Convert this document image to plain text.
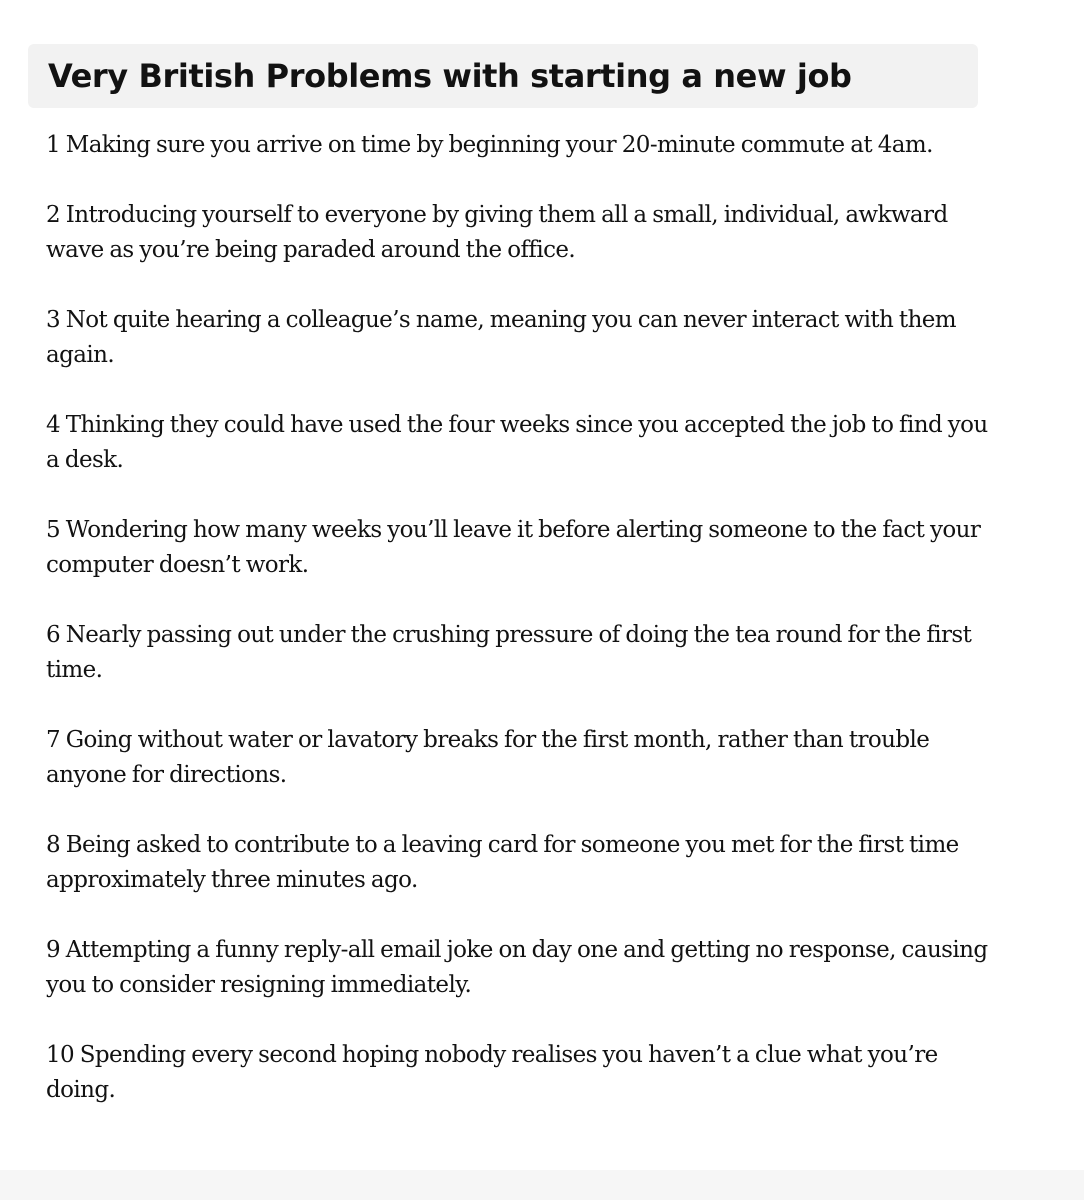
Very British Problems with starting a new job
1 Making sure you arrive on time by beginning your 20-minute commute at 4am.
2 Introducing yourself to everyone by giving them all a small, individual, awkward wave as you’re being paraded around the office.
3 Not quite hearing a colleague’s name, meaning you can never interact with them again.
4 Thinking they could have used the four weeks since you accepted the job to find you a desk.
5 Wondering how many weeks you’ll leave it before alerting someone to the fact your computer doesn’t work.
6 Nearly passing out under the crushing pressure of doing the tea round for the first time.
7 Going without water or lavatory breaks for the first month, rather than trouble anyone for directions.
8 Being asked to contribute to a leaving card for someone you met for the first time approximately three minutes ago.
9 Attempting a funny reply-all email joke on day one and getting no response, causing you to consider resigning immediately.
10 Spending every second hoping nobody realises you haven’t a clue what you’re doing.
